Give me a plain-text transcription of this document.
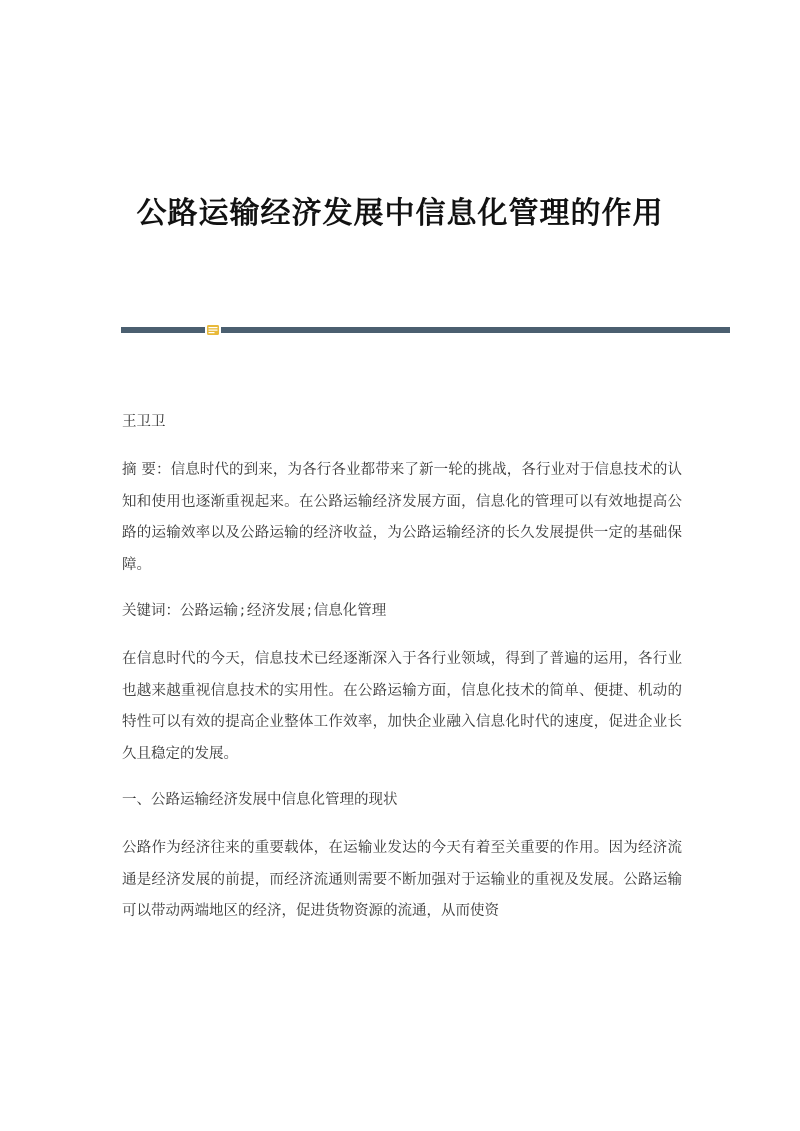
公路运输经济发展中信息化管理的作用

王卫卫

摘 要：信息时代的到来，为各行各业都带来了新一轮的挑战，各行业对于信息技术的认知和使用也逐渐重视起来。在公路运输经济发展方面，信息化的管理可以有效地提高公路的运输效率以及公路运输的经济收益，为公路运输经济的长久发展提供一定的基础保障。

关键词：公路运输 ; 经济发展 ; 信息化管理

在信息时代的今天，信息技术已经逐渐深入于各行业领域，得到了普遍的运用，各行业也越来越重视信息技术的实用性。在公路运输方面，信息化技术的简单、便捷、机动的特性可以有效的提高企业整体工作效率，加快企业融入信息化时代的速度，促进企业长久且稳定的发展。

一、公路运输经济发展中信息化管理的现状

公路作为经济往来的重要载体，在运输业发达的今天有着至关重要的作用。因为经济流通是经济发展的前提，而经济流通则需要不断加强对于运输业的重视及发展。公路运输可以带动两端地区的经济，促进货物资源的流通，从而使资
